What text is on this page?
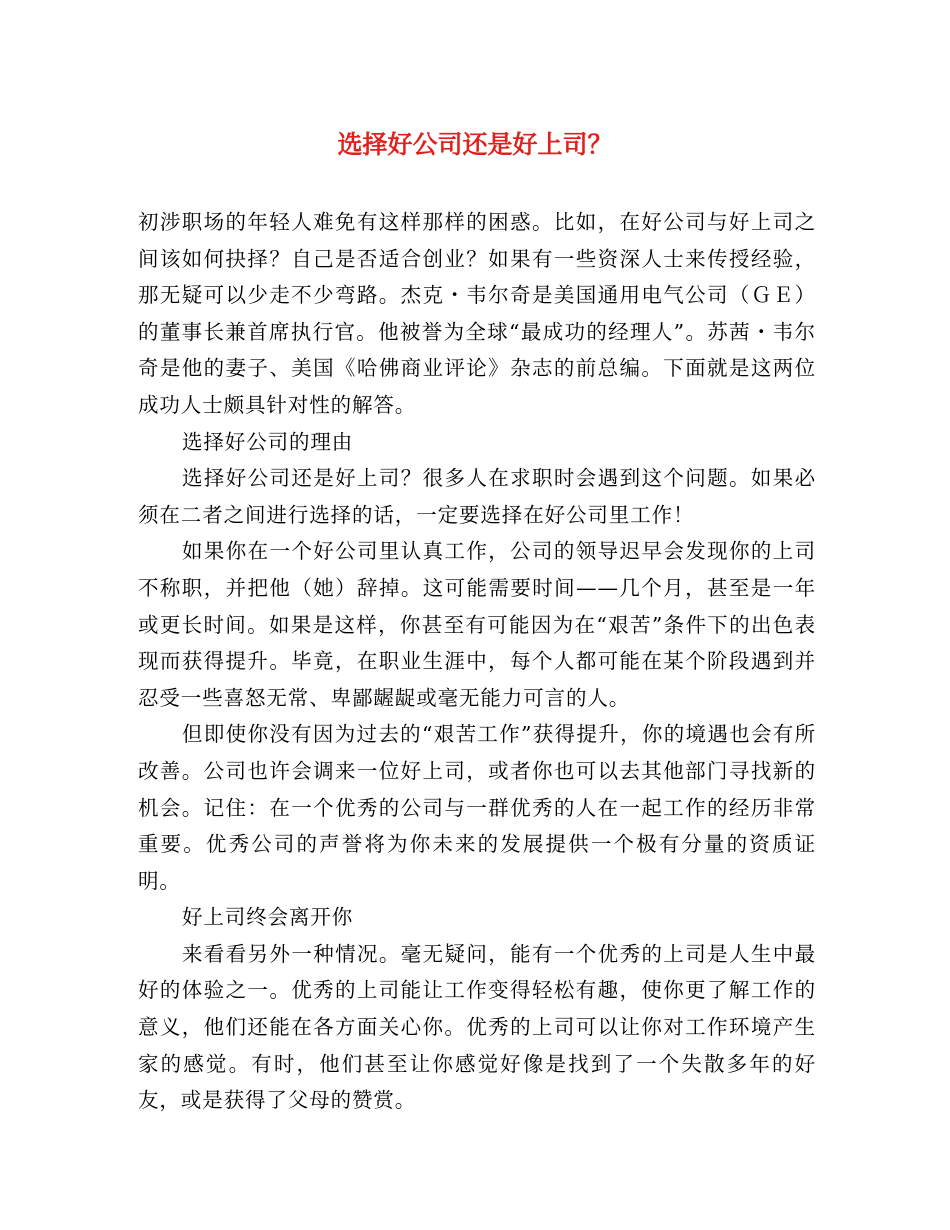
选择好公司还是好上司？

初涉职场的年轻人难免有这样那样的困惑。比如，在好公司与好上司之间该如何抉择？自己是否适合创业？如果有一些资深人士来传授经验，那无疑可以少走不少弯路。杰克・韦尔奇是美国通用电气公司（ＧＥ）的董事长兼首席执行官。他被誉为全球“最成功的经理人”。苏茜・韦尔奇是他的妻子、美国《哈佛商业评论》杂志的前总编。下面就是这两位成功人士颇具针对性的解答。

选择好公司的理由

选择好公司还是好上司？很多人在求职时会遇到这个问题。如果必须在二者之间进行选择的话，一定要选择在好公司里工作！

如果你在一个好公司里认真工作，公司的领导迟早会发现你的上司不称职，并把他（她）辞掉。这可能需要时间——几个月，甚至是一年或更长时间。如果是这样，你甚至有可能因为在“艰苦”条件下的出色表现而获得提升。毕竟，在职业生涯中，每个人都可能在某个阶段遇到并忍受一些喜怒无常、卑鄙龌龊或毫无能力可言的人。

但即使你没有因为过去的“艰苦工作”获得提升，你的境遇也会有所改善。公司也许会调来一位好上司，或者你也可以去其他部门寻找新的机会。记住：在一个优秀的公司与一群优秀的人在一起工作的经历非常重要。优秀公司的声誉将为你未来的发展提供一个极有分量的资质证明。

好上司终会离开你

来看看另外一种情况。毫无疑问，能有一个优秀的上司是人生中最好的体验之一。优秀的上司能让工作变得轻松有趣，使你更了解工作的意义，他们还能在各方面关心你。优秀的上司可以让你对工作环境产生家的感觉。有时，他们甚至让你感觉好像是找到了一个失散多年的好友，或是获得了父母的赞赏。
